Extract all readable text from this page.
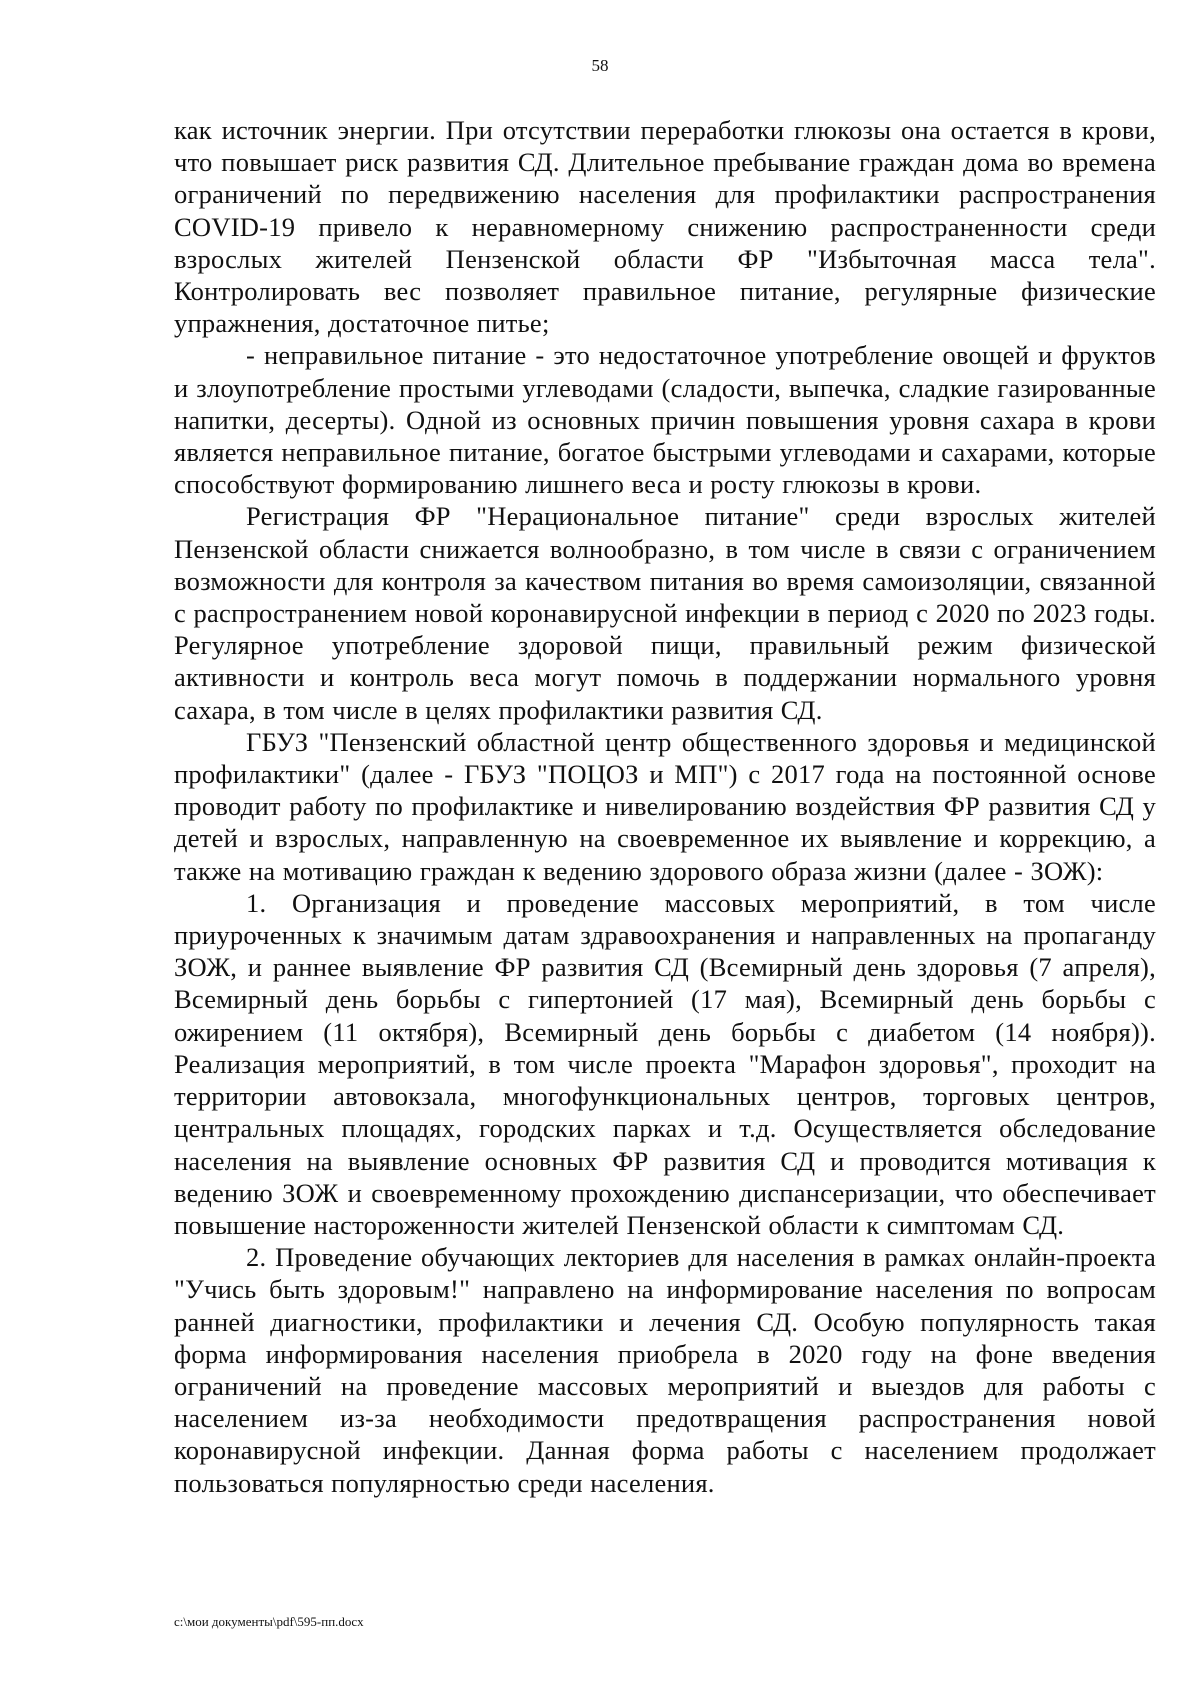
58

как источник энергии. При отсутствии переработки глюкозы она остается в крови, что повышает риск развития СД. Длительное пребывание граждан дома во времена ограничений по передвижению населения для профилактики распространения COVID-19 привело к неравномерному снижению распространенности среди взрослых жителей Пензенской области ФР "Избыточная масса тела". Контролировать вес позволяет правильное питание, регулярные физические упражнения, достаточное питье;

- неправильное питание - это недостаточное употребление овощей и фруктов и злоупотребление простыми углеводами (сладости, выпечка, сладкие газированные напитки, десерты). Одной из основных причин повышения уровня сахара в крови является неправильное питание, богатое быстрыми углеводами и сахарами, которые способствуют формированию лишнего веса и росту глюкозы в крови.

Регистрация ФР "Нерациональное питание" среди взрослых жителей Пензенской области снижается волнообразно, в том числе в связи с ограничением возможности для контроля за качеством питания во время самоизоляции, связанной с распространением новой коронавирусной инфекции в период с 2020 по 2023 годы. Регулярное употребление здоровой пищи, правильный режим физической активности и контроль веса могут помочь в поддержании нормального уровня сахара, в том числе в целях профилактики развития СД.

ГБУЗ "Пензенский областной центр общественного здоровья и медицинской профилактики" (далее - ГБУЗ "ПОЦОЗ и МП") с 2017 года на постоянной основе проводит работу по профилактике и нивелированию воздействия ФР развития СД у детей и взрослых, направленную на своевременное их выявление и коррекцию, а также на мотивацию граждан к ведению здорового образа жизни (далее - ЗОЖ):

1. Организация и проведение массовых мероприятий, в том числе приуроченных к значимым датам здравоохранения и направленных на пропаганду ЗОЖ, и раннее выявление ФР развития СД (Всемирный день здоровья (7 апреля), Всемирный день борьбы с гипертонией (17 мая), Всемирный день борьбы с ожирением (11 октября), Всемирный день борьбы с диабетом (14 ноября)). Реализация мероприятий, в том числе проекта "Марафон здоровья", проходит на территории автовокзала, многофункциональных центров, торговых центров, центральных площадях, городских парках и т.д. Осуществляется обследование населения на выявление основных ФР развития СД и проводится мотивация к ведению ЗОЖ и своевременному прохождению диспансеризации, что обеспечивает повышение настороженности жителей Пензенской области к симптомам СД.

2. Проведение обучающих лекториев для населения в рамках онлайн-проекта "Учись быть здоровым!" направлено на информирование населения по вопросам ранней диагностики, профилактики и лечения СД. Особую популярность такая форма информирования населения приобрела в 2020 году на фоне введения ограничений на проведение массовых мероприятий и выездов для работы с населением из-за необходимости предотвращения распространения новой коронавирусной инфекции. Данная форма работы с населением продолжает пользоваться популярностью среди населения.

c:\мои документы\pdf\595-пп.docx
